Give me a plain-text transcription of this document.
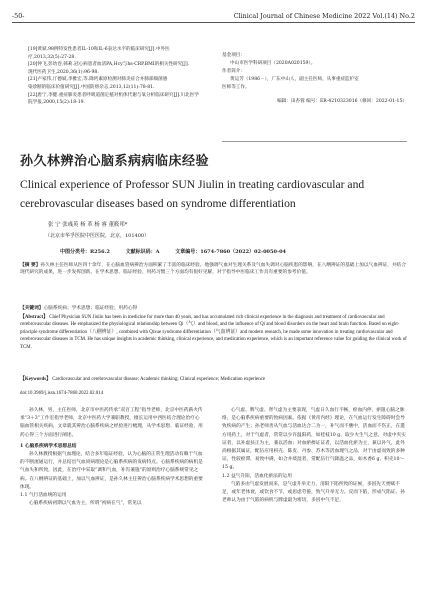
-50-	Clinical Journal of Chinese Medicine 2022 Vol.(14) No.2
[19]黄斌.98例特发性患者IL-10和IL-6表达水平的临床研究[J].中外医
疗,2013,32(5):27-28.
[20]钟飞,彭幼卷,韩莉.冠心病患者血清PA,Hcy与hs-CRP,BMI的相关性研究[J].
现代医药卫生,2020,36(1):96-98.
[21]卢家伟,汀德斌,李雅宏,等.降钙素原检测对肺炎症合并肺部细菌感
染诊断的临床价值研究[J].中国防痨杂志,2013,12(11):78-81.
[22]唐宁,李健.重症肺炎患者呼吸道菌定植对机体代谢与氧分析临床研究[J].川北医学
院学报,2000,15(2):18-19.
基金项目：
中山市医学科研项目（2020A020159）。
作者简介：
黄运芳（1986－），广东中山人，副主任医师，从事重症监护室
医师等工作。
编辑：田杏蓉 编号：ER-4210323016（修回：2022-01-15）
孙久林辨治心脑系病病临床经验
Clinical experience of Professor SUN Jiulin in treating cardiovascular and cerebrovascular diseases based on syndrome differentiation
张 宁 张彧英 杨 革 杨 睿 董筱邦*
（北京市华孚医院中医医院，北京，101400）
中图分类号：R256.2	文献标识码：A	文章编号：1674-7860（2022）02-0050-04
【摘 要】孙久林主任医师从医四十余年，在心脑血管病辨治方面积累了丰富的临床经验。他强调气血对生理关系及气血失调对心脑疾患的影响，在八纲辨证的基础上加以气血辨证，并结合现代研究的成果，进一步发挥创新。在学术思想、临证经验、用药习惯三个方面均有很好见解，对于指导中医临床工作具有重要的参考价值。
【关键词】心脑系疾病；学术思想；临证经验；用药心得
【Abstract】 Chief Physician SUN Jiulin has been in medicine for more than 40 years, and has accumulated rich clinical experience in the diagnosis and treatment of cardiovascular and cerebrovascular diseases. He emphasized the physiological relationship between Qi（气）and blood, and the influence of Qi and blood disorders on the heart and brain function. Based on eight-principle syndrome differentiation（八纲辨证）, combined with Qixue syndrome differentiation（气血辨证）and modern research, he made some innovation in treating cardiovascular and cerebrovascular diseases in TCM. He has unique insights in academic thinking, clinical experience, and medication experience, which is an important reference value for guiding the clinical work of TCM.
【Keywords】 Cardiovascular and cerebrovascular disease; Academic thinking; Clinical experience; Medication experience
doi:10.3969/j.issn.1674-7860.2022.02.014

孙久林，男，主任医师，北京市中医药传承“双百工程”指导老师，北京中医药薪火传承“3＋3”工作室指导老师，北京中医药大学兼职教授，擅长运用中西医结合理论治疗心脑血管相关疾病，文章就其辨治心脑系疾病之经验进行梳理，从学术思想、临证经验、用药心得三个方面进行阐述。

1 心脑系疾病学术思想总结

孙久林教授根据气血理论，结合多年临证经验，认为心脑的正常生理活动有赖于气血的不断流通运行，并总结出气血同病理论是心脑系疾病的发病特点。心脑系疾病的病机是气血失和所致，因此，在治疗中采取“调和气血，补泻兼施”的原则治疗心脑系统常见之病。在八纲辨证的基础上，加以气血辨证，是孙久林主任辨治心脑系疾病学术思想的重要体现。

1.1 气行活血统的运用

心脑系疾病初期以气血为主，所谓“初病在气”，常见以

心气虚、脾气虚、肾气虚为主要表现，气虚日久血行不畅，瘀血内停，瘀阻心脑之脉络，是心脑系疾病重要的致病因素。依据《黄帝内经》理论，在气血运行发生障碍时会导致疾病的产生；孙老师善从气血与活血达合二为一，补气而不壅中，活血而不伤正，在遣方用药上，对于气虚者，常常以少许温阳药，如桂枝10 g、取少火生气之意，对虚中夹实证者，以补虚扶正为主，兼以活血；对血瘀痹证证者，以活血化瘀为主，兼以补气，此外尚根据其属证，配伍应用枳壳、陈皮、丹参、苏木等活血理气之品，对于由虚而致的多种证，性较瘀滞，易致中满，如合并痰湿者，常配伍行气降温之品，如木香6 g、积壳10～15 g。

1.2 益气升阳，活血化瘀法的运用

气陷多由气虚发展而来，是气虚升举无力，清阳下陷所致的证候，多因先天禀赋不足，或年老体衰，或饮食不节，或思虑劳倦，致气升举无力。反而下陷，形成气陷证。孙老师认为由于气陷的病机与脾虚最为密切，多因中气不足，
